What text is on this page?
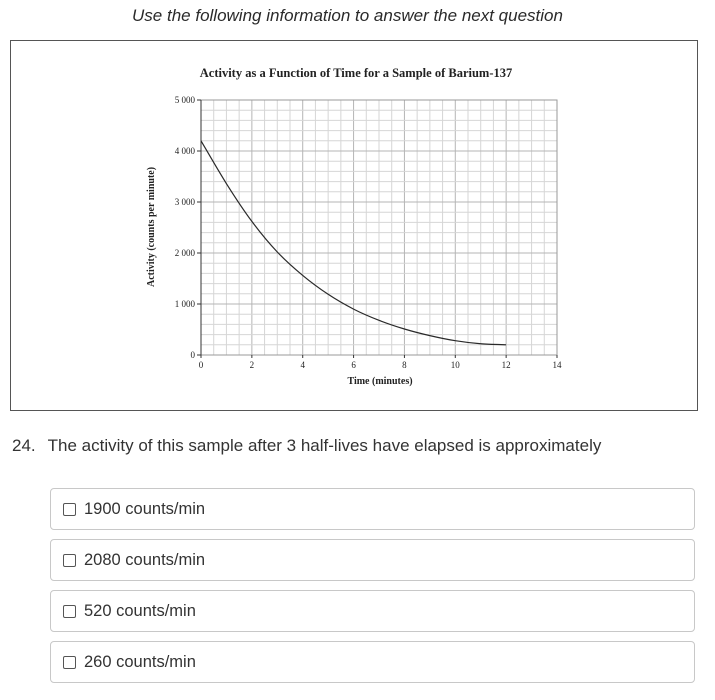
Use the following information to answer the next question
Activity as a Function of Time for a Sample of Barium-137
0
1 000
2 000
3 000
4 000
5 000
0	2	4	6	8	10	12	14
Time (minutes)
Activity (counts per minute)
24. The activity of this sample after 3 half-lives have elapsed is approximately
1900 counts/min
2080 counts/min
520 counts/min
260 counts/min
